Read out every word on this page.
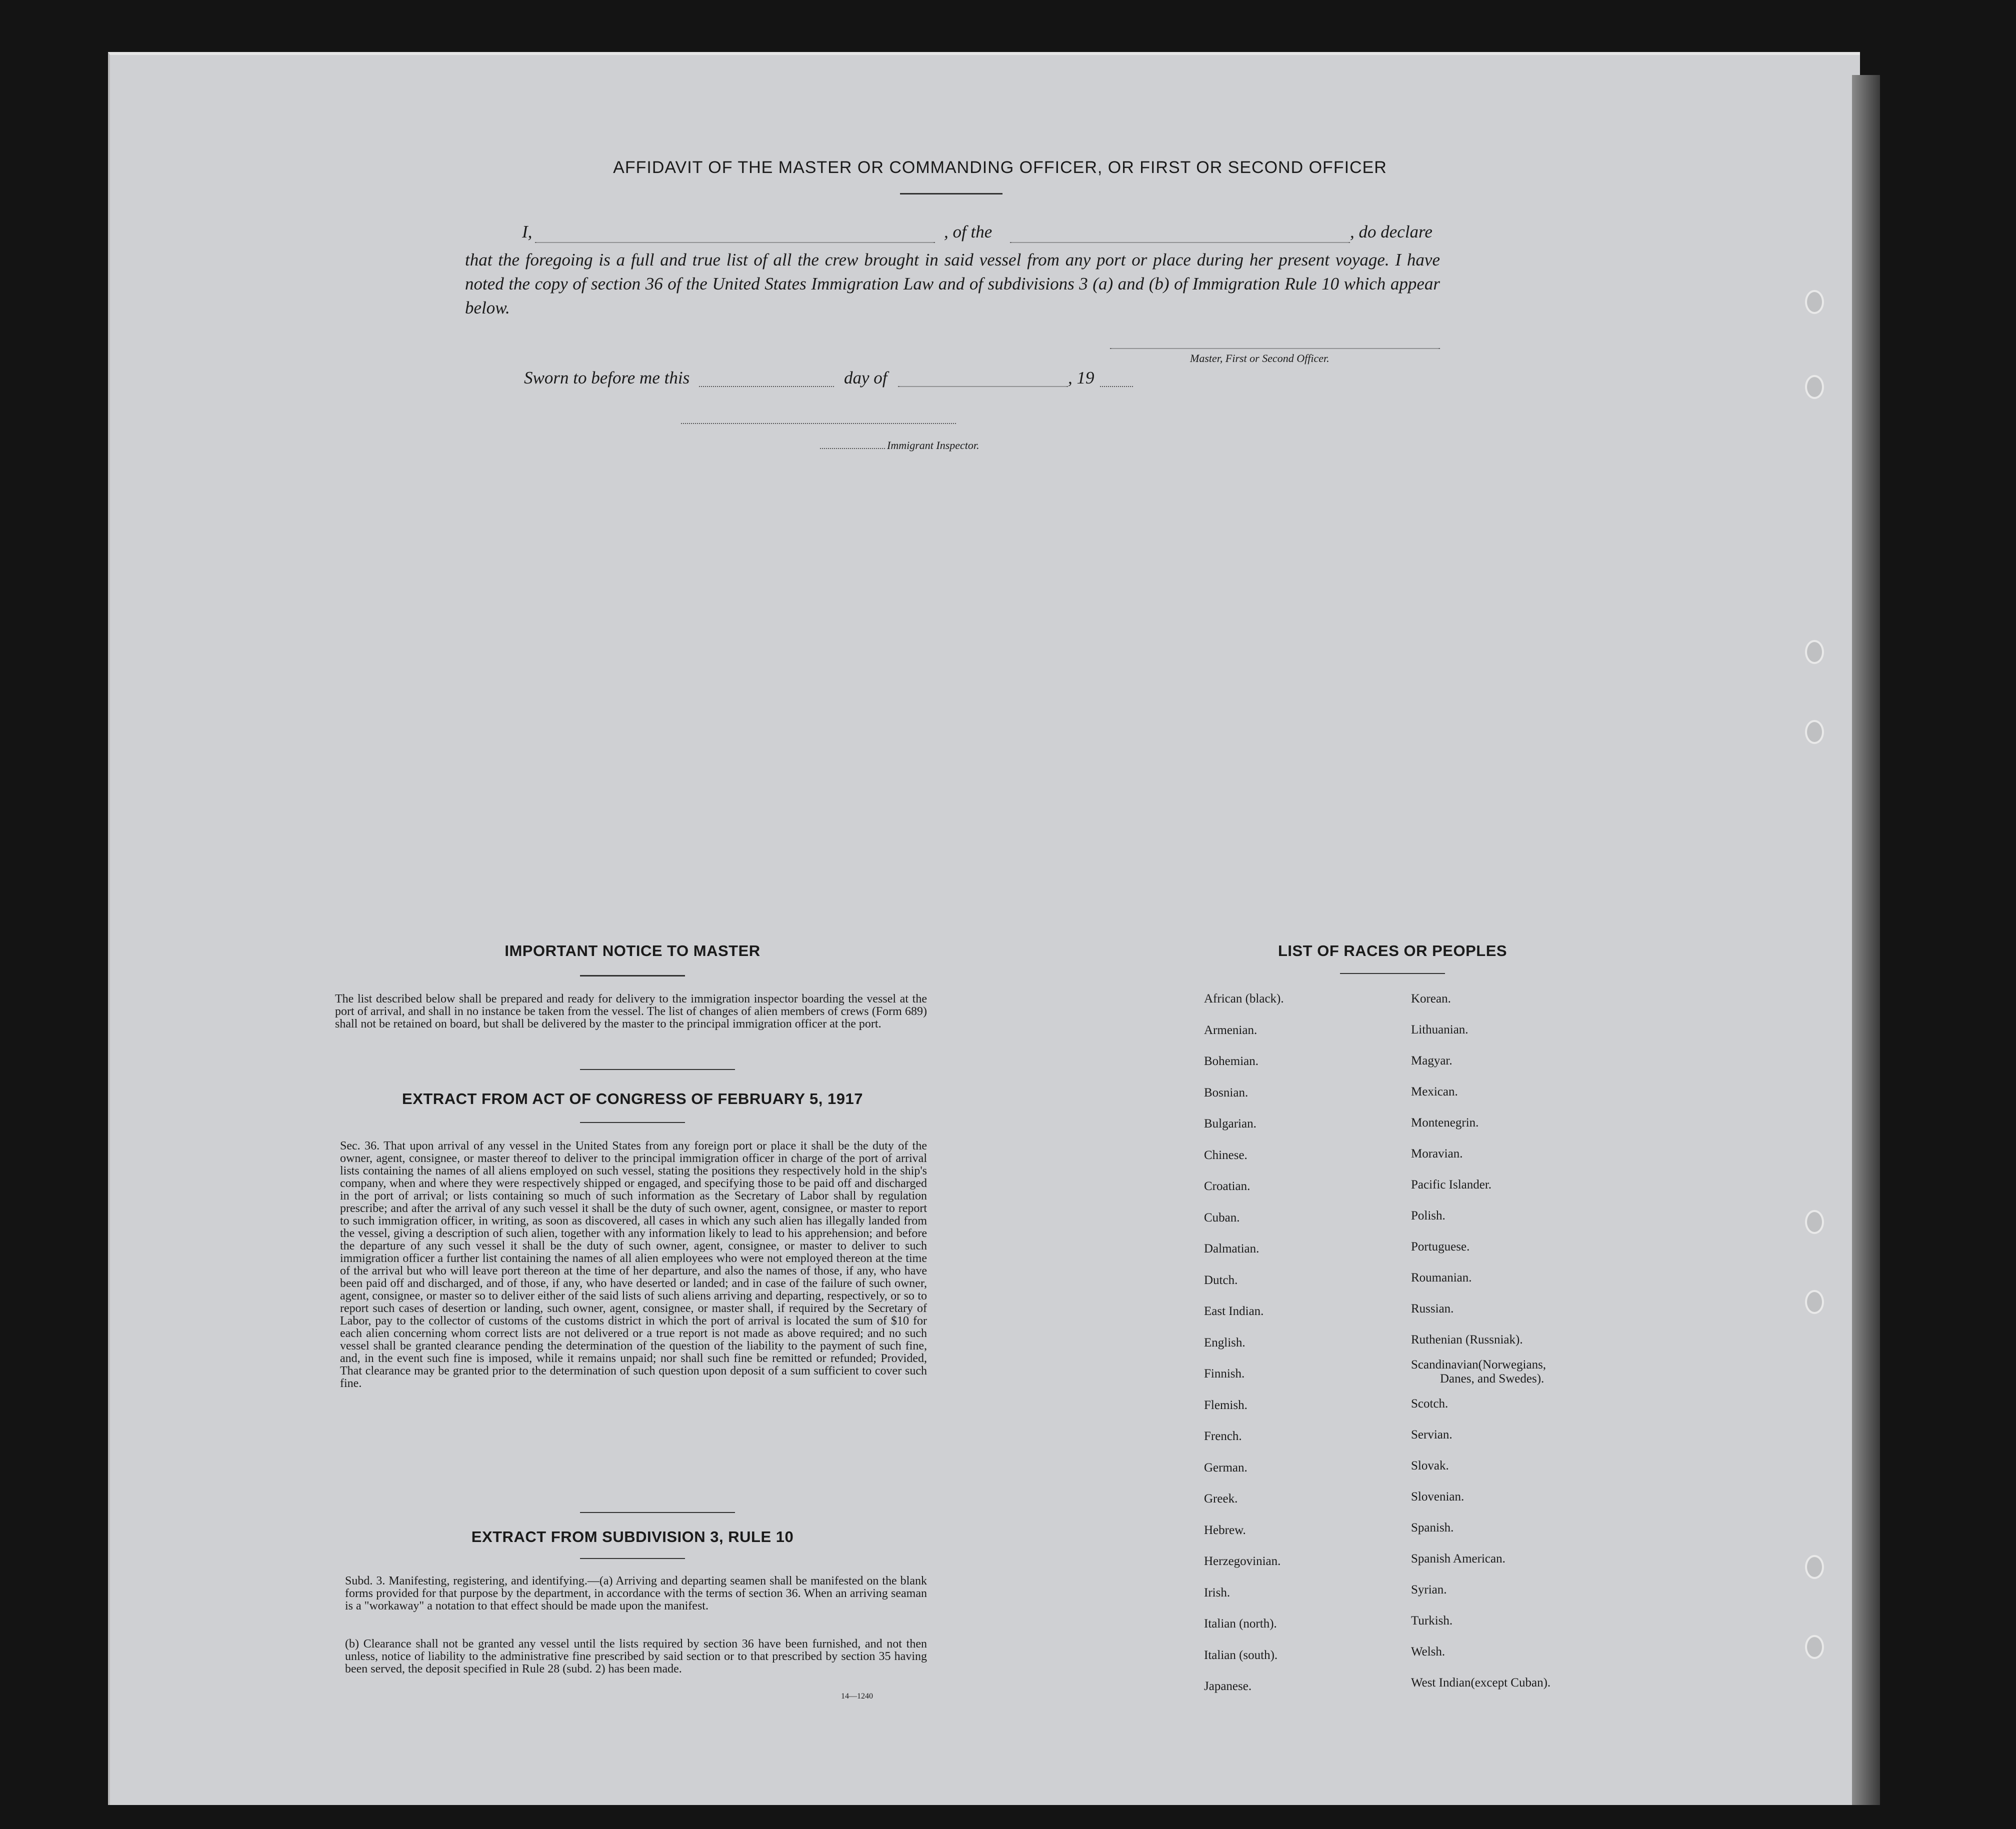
AFFIDAVIT OF THE MASTER OR COMMANDING OFFICER, OR FIRST OR SECOND OFFICER
I,	, of the	, do declare
that the foregoing is a full and true list of all the crew brought in said vessel from any port or place during her present voyage. I have noted the copy of section 36 of the United States Immigration Law and of subdivisions 3 (a) and (b) of Immigration Rule 10 which appear below.
Master, First or Second Officer.
Sworn to before me this	day of	, 19
Immigrant Inspector.
IMPORTANT NOTICE TO MASTER
The list described below shall be prepared and ready for delivery to the immigration inspector boarding the vessel at the port of arrival, and shall in no instance be taken from the vessel. The list of changes of alien members of crews (Form 689) shall not be retained on board, but shall be delivered by the master to the principal immigration officer at the port.
EXTRACT FROM ACT OF CONGRESS OF FEBRUARY 5, 1917
Sec. 36. That upon arrival of any vessel in the United States from any foreign port or place it shall be the duty of the owner, agent, consignee, or master thereof to deliver to the principal immigration officer in charge of the port of arrival lists containing the names of all aliens employed on such vessel, stating the positions they respectively hold in the ship's company, when and where they were respectively shipped or engaged, and specifying those to be paid off and discharged in the port of arrival; or lists containing so much of such information as the Secretary of Labor shall by regulation prescribe; and after the arrival of any such vessel it shall be the duty of such owner, agent, consignee, or master to report to such immigration officer, in writing, as soon as discovered, all cases in which any such alien has illegally landed from the vessel, giving a description of such alien, together with any information likely to lead to his apprehension; and before the departure of any such vessel it shall be the duty of such owner, agent, consignee, or master to deliver to such immigration officer a further list containing the names of all alien employees who were not employed thereon at the time of the arrival but who will leave port thereon at the time of her departure, and also the names of those, if any, who have been paid off and discharged, and of those, if any, who have deserted or landed; and in case of the failure of such owner, agent, consignee, or master so to deliver either of the said lists of such aliens arriving and departing, respectively, or so to report such cases of desertion or landing, such owner, agent, consignee, or master shall, if required by the Secretary of Labor, pay to the collector of customs of the customs district in which the port of arrival is located the sum of $10 for each alien concerning whom correct lists are not delivered or a true report is not made as above required; and no such vessel shall be granted clearance pending the determination of the question of the liability to the payment of such fine, and, in the event such fine is imposed, while it remains unpaid; nor shall such fine be remitted or refunded; Provided, That clearance may be granted prior to the determination of such question upon deposit of a sum sufficient to cover such fine.
EXTRACT FROM SUBDIVISION 3, RULE 10
Subd. 3. Manifesting, registering, and identifying.—(a) Arriving and departing seamen shall be manifested on the blank forms provided for that purpose by the department, in accordance with the terms of section 36. When an arriving seaman is a "workaway" a notation to that effect should be made upon the manifest.
(b) Clearance shall not be granted any vessel until the lists required by section 36 have been furnished, and not then unless, notice of liability to the administrative fine prescribed by said section or to that prescribed by section 35 having been served, the deposit specified in Rule 28 (subd. 2) has been made.
14—1240
LIST OF RACES OR PEOPLES
African (black).
Armenian.
Bohemian.
Bosnian.
Bulgarian.
Chinese.
Croatian.
Cuban.
Dalmatian.
Dutch.
East Indian.
English.
Finnish.
Flemish.
French.
German.
Greek.
Hebrew.
Herzegovinian.
Irish.
Italian (north).
Italian (south).
Japanese.
Korean.
Lithuanian.
Magyar.
Mexican.
Montenegrin.
Moravian.
Pacific Islander.
Polish.
Portuguese.
Roumanian.
Russian.
Ruthenian (Russniak).
Scandinavian(Norwegians,
Danes, and Swedes).
Scotch.
Servian.
Slovak.
Slovenian.
Spanish.
Spanish American.
Syrian.
Turkish.
Welsh.
West Indian(except Cuban).
